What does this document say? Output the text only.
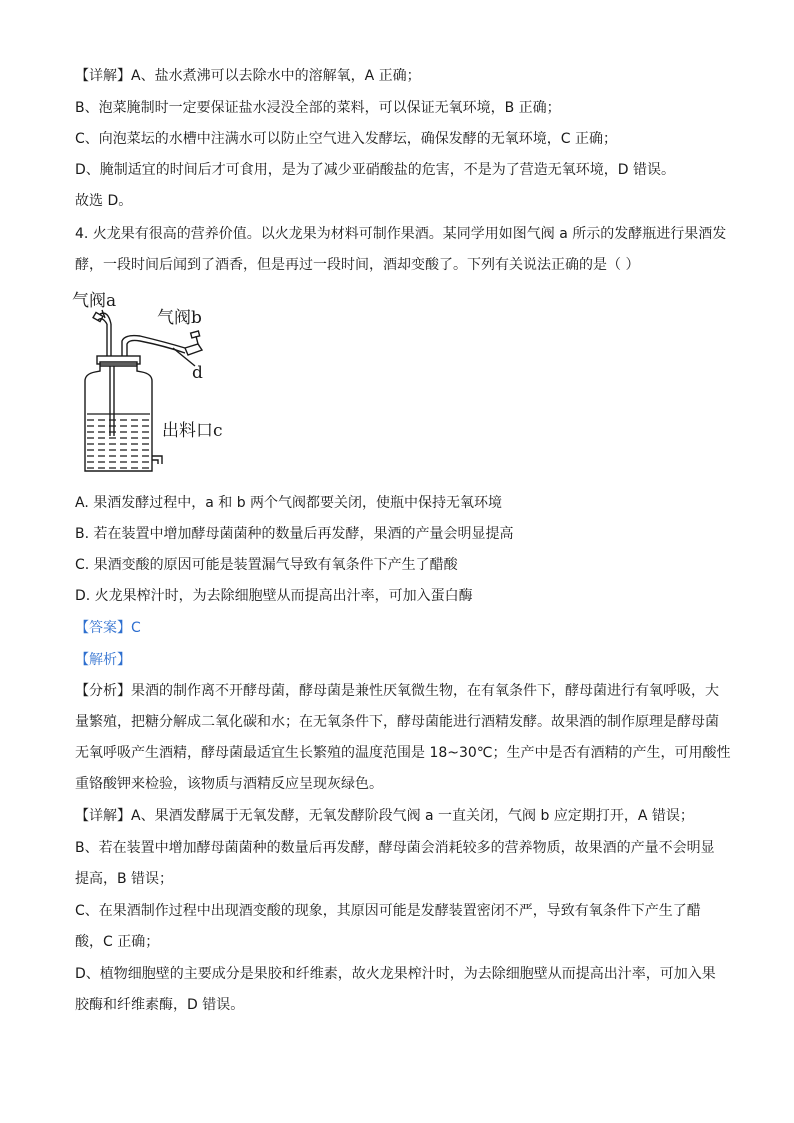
【详解】A、盐水煮沸可以去除水中的溶解氧，A 正确；
B、泡菜腌制时一定要保证盐水浸没全部的菜料，可以保证无氧环境，B 正确；
C、向泡菜坛的水槽中注满水可以防止空气进入发酵坛，确保发酵的无氧环境，C 正确；
D、腌制适宜的时间后才可食用，是为了减少亚硝酸盐的危害，不是为了营造无氧环境，D 错误。
故选 D。
4. 火龙果有很高的营养价值。以火龙果为材料可制作果酒。某同学用如图气阀 a 所示的发酵瓶进行果酒发
酵，一段时间后闻到了酒香，但是再过一段时间，酒却变酸了。下列有关说法正确的是（ ）
气阀a
气阀b
d
出料口c
A. 果酒发酵过程中，a 和 b 两个气阀都要关闭，使瓶中保持无氧环境
B. 若在装置中增加酵母菌菌种的数量后再发酵，果酒的产量会明显提高
C. 果酒变酸的原因可能是装置漏气导致有氧条件下产生了醋酸
D. 火龙果榨汁时，为去除细胞壁从而提高出汁率，可加入蛋白酶
【答案】C
【解析】
【分析】果酒的制作离不开酵母菌，酵母菌是兼性厌氧微生物，在有氧条件下，酵母菌进行有氧呼吸，大
量繁殖，把糖分解成二氧化碳和水；在无氧条件下，酵母菌能进行酒精发酵。故果酒的制作原理是酵母菌
无氧呼吸产生酒精，酵母菌最适宜生长繁殖的温度范围是 18~30℃；生产中是否有酒精的产生，可用酸性
重铬酸钾来检验，该物质与酒精反应呈现灰绿色。
【详解】A、果酒发酵属于无氧发酵，无氧发酵阶段气阀 a 一直关闭，气阀 b 应定期打开，A 错误；
B、若在装置中增加酵母菌菌种的数量后再发酵，酵母菌会消耗较多的营养物质，故果酒的产量不会明显
提高，B 错误；
C、在果酒制作过程中出现酒变酸的现象，其原因可能是发酵装置密闭不严，导致有氧条件下产生了醋
酸，C 正确；
D、植物细胞壁的主要成分是果胶和纤维素，故火龙果榨汁时，为去除细胞壁从而提高出汁率，可加入果
胶酶和纤维素酶，D 错误。
